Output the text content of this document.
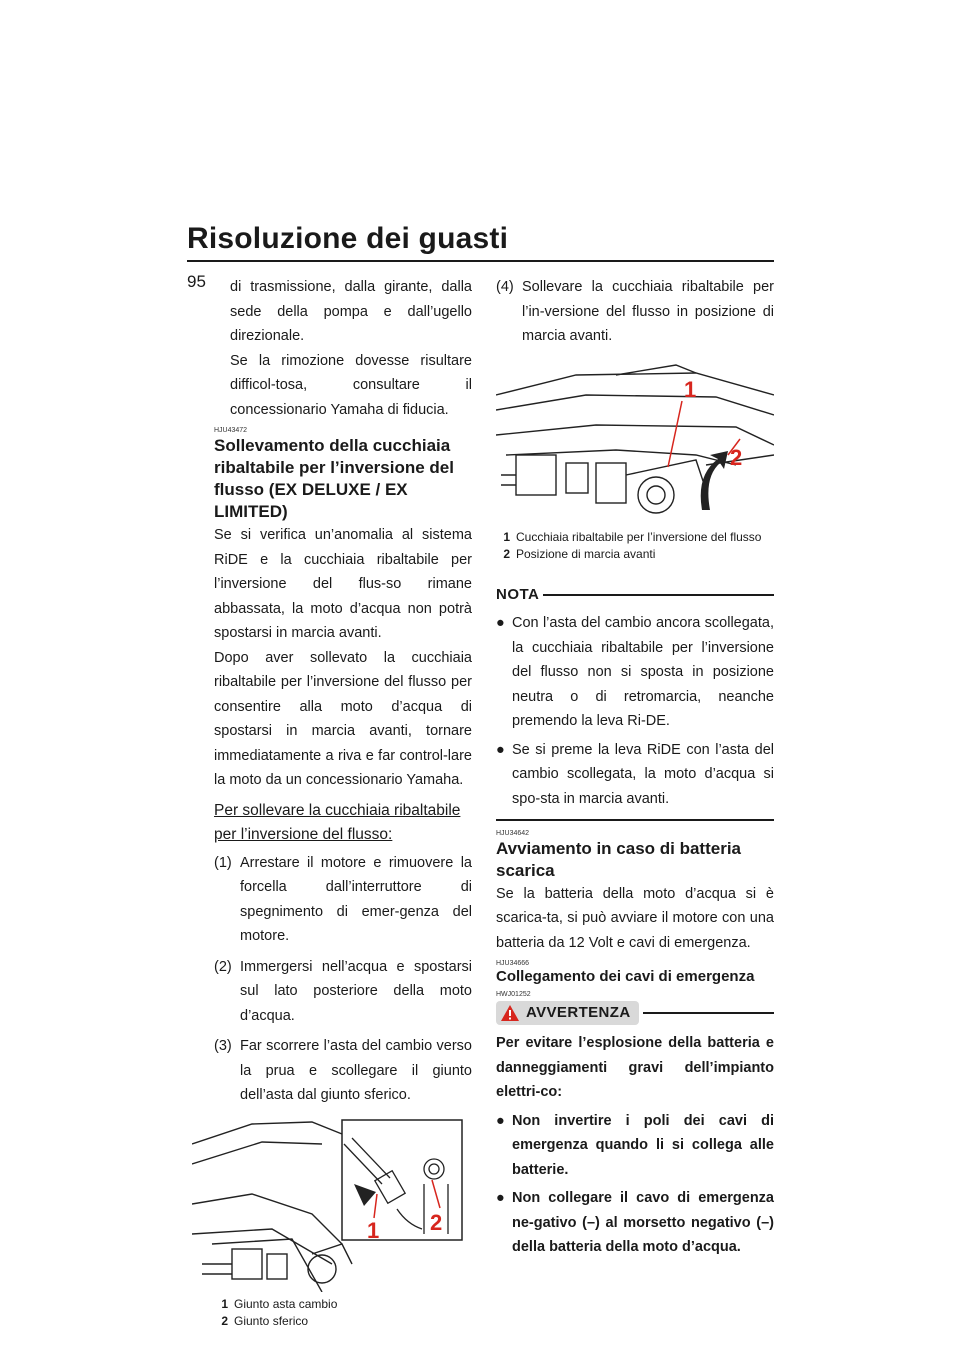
Risoluzione dei guasti
95	di trasmissione, dalla girante, dalla sede della pompa e dall’ugello direzionale.

Se la rimozione dovesse risultare difficol-tosa, consultare il concessionario Yamaha di fiducia.

HJU43472
Sollevamento della cucchiaia ribaltabile per l’inversione del flusso (EX DELUXE / EX LIMITED)

Se si verifica un’anomalia al sistema RiDE e la cucchiaia ribaltabile per l’inversione del flus-so rimane abbassata, la moto d’acqua non potrà spostarsi in marcia avanti.

Dopo aver sollevato la cucchiaia ribaltabile per l’inversione del flusso per consentire alla moto d’acqua di spostarsi in marcia avanti, tornare immediatamente a riva e far control-lare la moto da un concessionario Yamaha.

Per sollevare la cucchiaia ribaltabile per l’inversione del flusso:
(1) Arrestare il motore e rimuovere la forcella dall’interruttore di spegnimento di emer-genza del motore.
(2) Immergersi nell’acqua e spostarsi sul lato posteriore della moto d’acqua.
(3) Far scorrere l’asta del cambio verso la prua e scollegare il giunto dell’asta dal giunto sferico.
1 2
1 Giunto asta cambio
2 Giunto sferico
(4) Sollevare la cucchiaia ribaltabile per l’in-versione del flusso in posizione di marcia avanti.
1
2
1 Cucchiaia ribaltabile per l’inversione del flusso
2 Posizione di marcia avanti
NOTA
● Con l’asta del cambio ancora scollegata, la cucchiaia ribaltabile per l’inversione del flusso non si sposta in posizione neutra o di retromarcia, neanche premendo la leva Ri-DE.
● Se si preme la leva RiDE con l’asta del cambio scollegata, la moto d’acqua si spo-sta in marcia avanti.
HJU34642
Avviamento in caso di batteria scarica

Se la batteria della moto d’acqua si è scarica-ta, si può avviare il motore con una batteria da 12 Volt e cavi di emergenza.

HJU34666
Collegamento dei cavi di emergenza
HWJ01252
AVVERTENZA

Per evitare l’esplosione della batteria e danneggiamenti gravi dell’impianto elettri-co:

● Non invertire i poli dei cavi di emergenza quando li si collega alle batterie.
● Non collegare il cavo di emergenza ne-gativo (–) al morsetto negativo (–) della batteria della moto d’acqua.
